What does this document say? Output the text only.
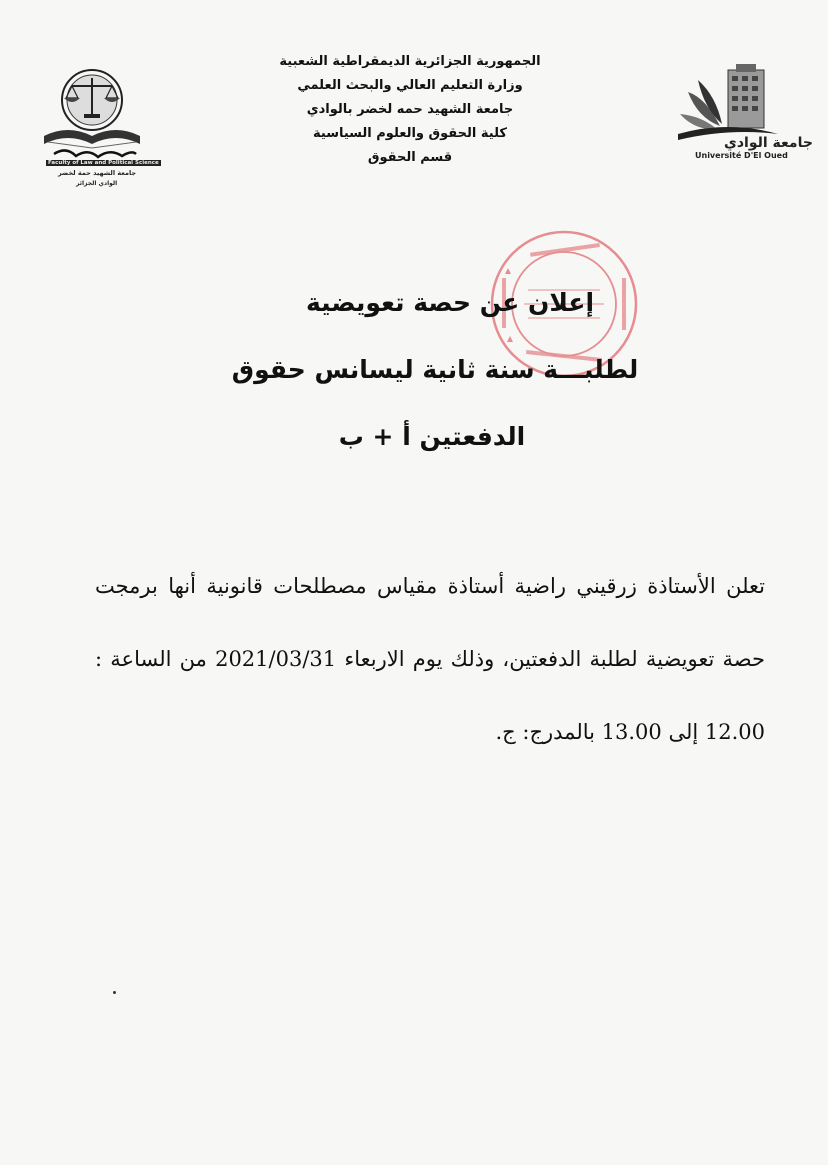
Faculty of Law and Political Science
جامعة الشهيد حمة لخضر
الوادي الجزائر
الجمهورية الجزائرية الديمقراطية الشعبية
وزارة التعليم العالي والبحث العلمي
جامعة الشهيد حمه لخضر بالوادي
كلية الحقوق والعلوم السياسية
قسم الحقوق
جامعة الوادي
Université D'El Oued
إعلان عن حصة تعويضية
لطلبـــة سنة ثانية ليسانس حقوق
الدفعتين أ + ب
تعلن الأستاذة زرقيني راضية أستاذة مقياس مصطلحات قانونية أنها برمجت حصة تعويضية لطلبة الدفعتين، وذلك يوم الاربعاء 2021/03/31 من الساعة : 12.00 إلى 13.00 بالمدرج: ج.
